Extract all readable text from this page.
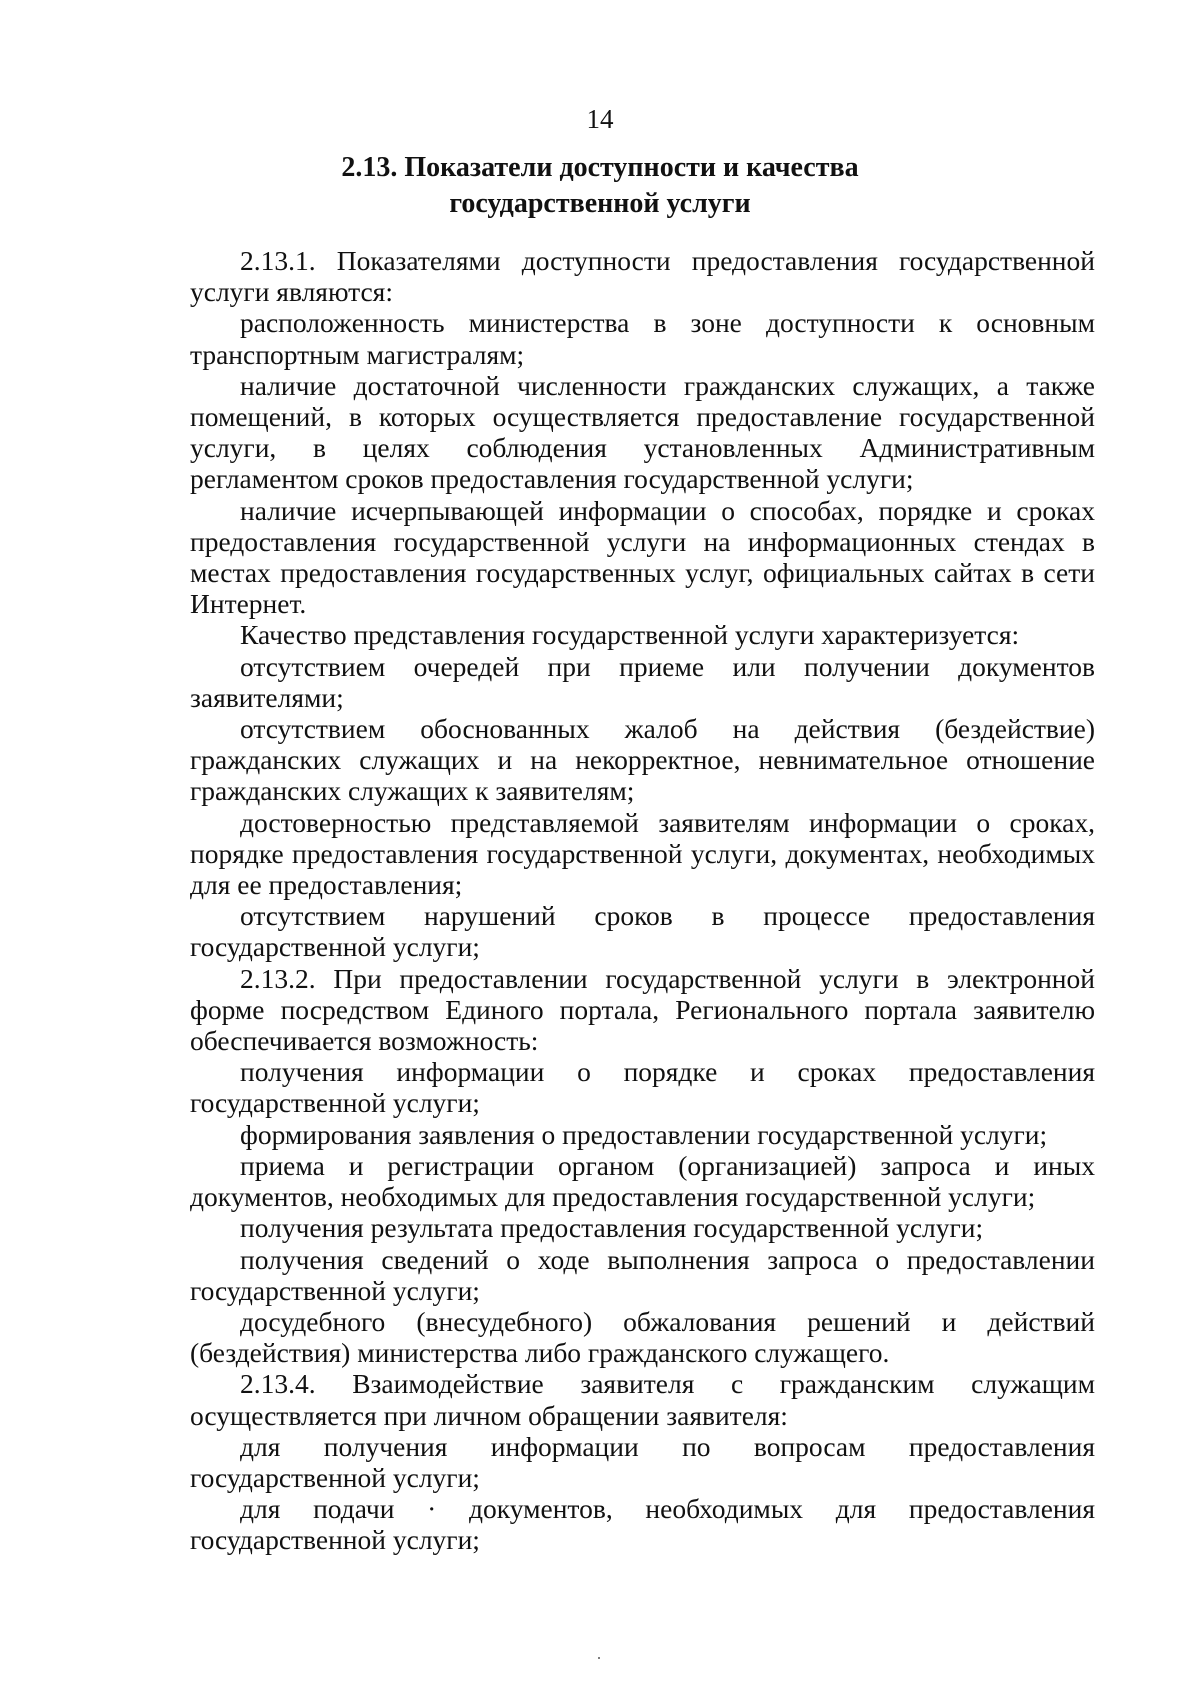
14
2.13. Показатели доступности и качества
государственной услуги

2.13.1. Показателями доступности предоставления государственной услуги являются:

расположенность министерства в зоне доступности к основным транспортным магистралям;

наличие достаточной численности гражданских служащих, а также помещений, в которых осуществляется предоставление государственной услуги, в целях соблюдения установленных Административным регламентом сроков предоставления государственной услуги;

наличие исчерпывающей информации о способах, порядке и сроках предоставления государственной услуги на информационных стендах в местах предоставления государственных услуг, официальных сайтах в сети Интернет.

Качество представления государственной услуги характеризуется:

отсутствием очередей при приеме или получении документов заявителями;

отсутствием обоснованных жалоб на действия (бездействие) гражданских служащих и на некорректное, невнимательное отношение гражданских служащих к заявителям;

достоверностью представляемой заявителям информации о сроках, порядке предоставления государственной услуги, документах, необходимых для ее предоставления;

отсутствием нарушений сроков в процессе предоставления государственной услуги;

2.13.2. При предоставлении государственной услуги в электронной форме посредством Единого портала, Регионального портала заявителю обеспечивается возможность:

получения информации о порядке и сроках предоставления государственной услуги;

формирования заявления о предоставлении государственной услуги;

приема и регистрации органом (организацией) запроса и иных документов, необходимых для предоставления государственной услуги;

получения результата предоставления государственной услуги;

получения сведений о ходе выполнения запроса о предоставлении государственной услуги;

досудебного (внесудебного) обжалования решений и действий (бездействия) министерства либо гражданского служащего.

2.13.4. Взаимодействие заявителя с гражданским служащим осуществляется при личном обращении заявителя:

для получения информации по вопросам предоставления государственной услуги;

для подачи · документов, необходимых для предоставления государственной услуги;
